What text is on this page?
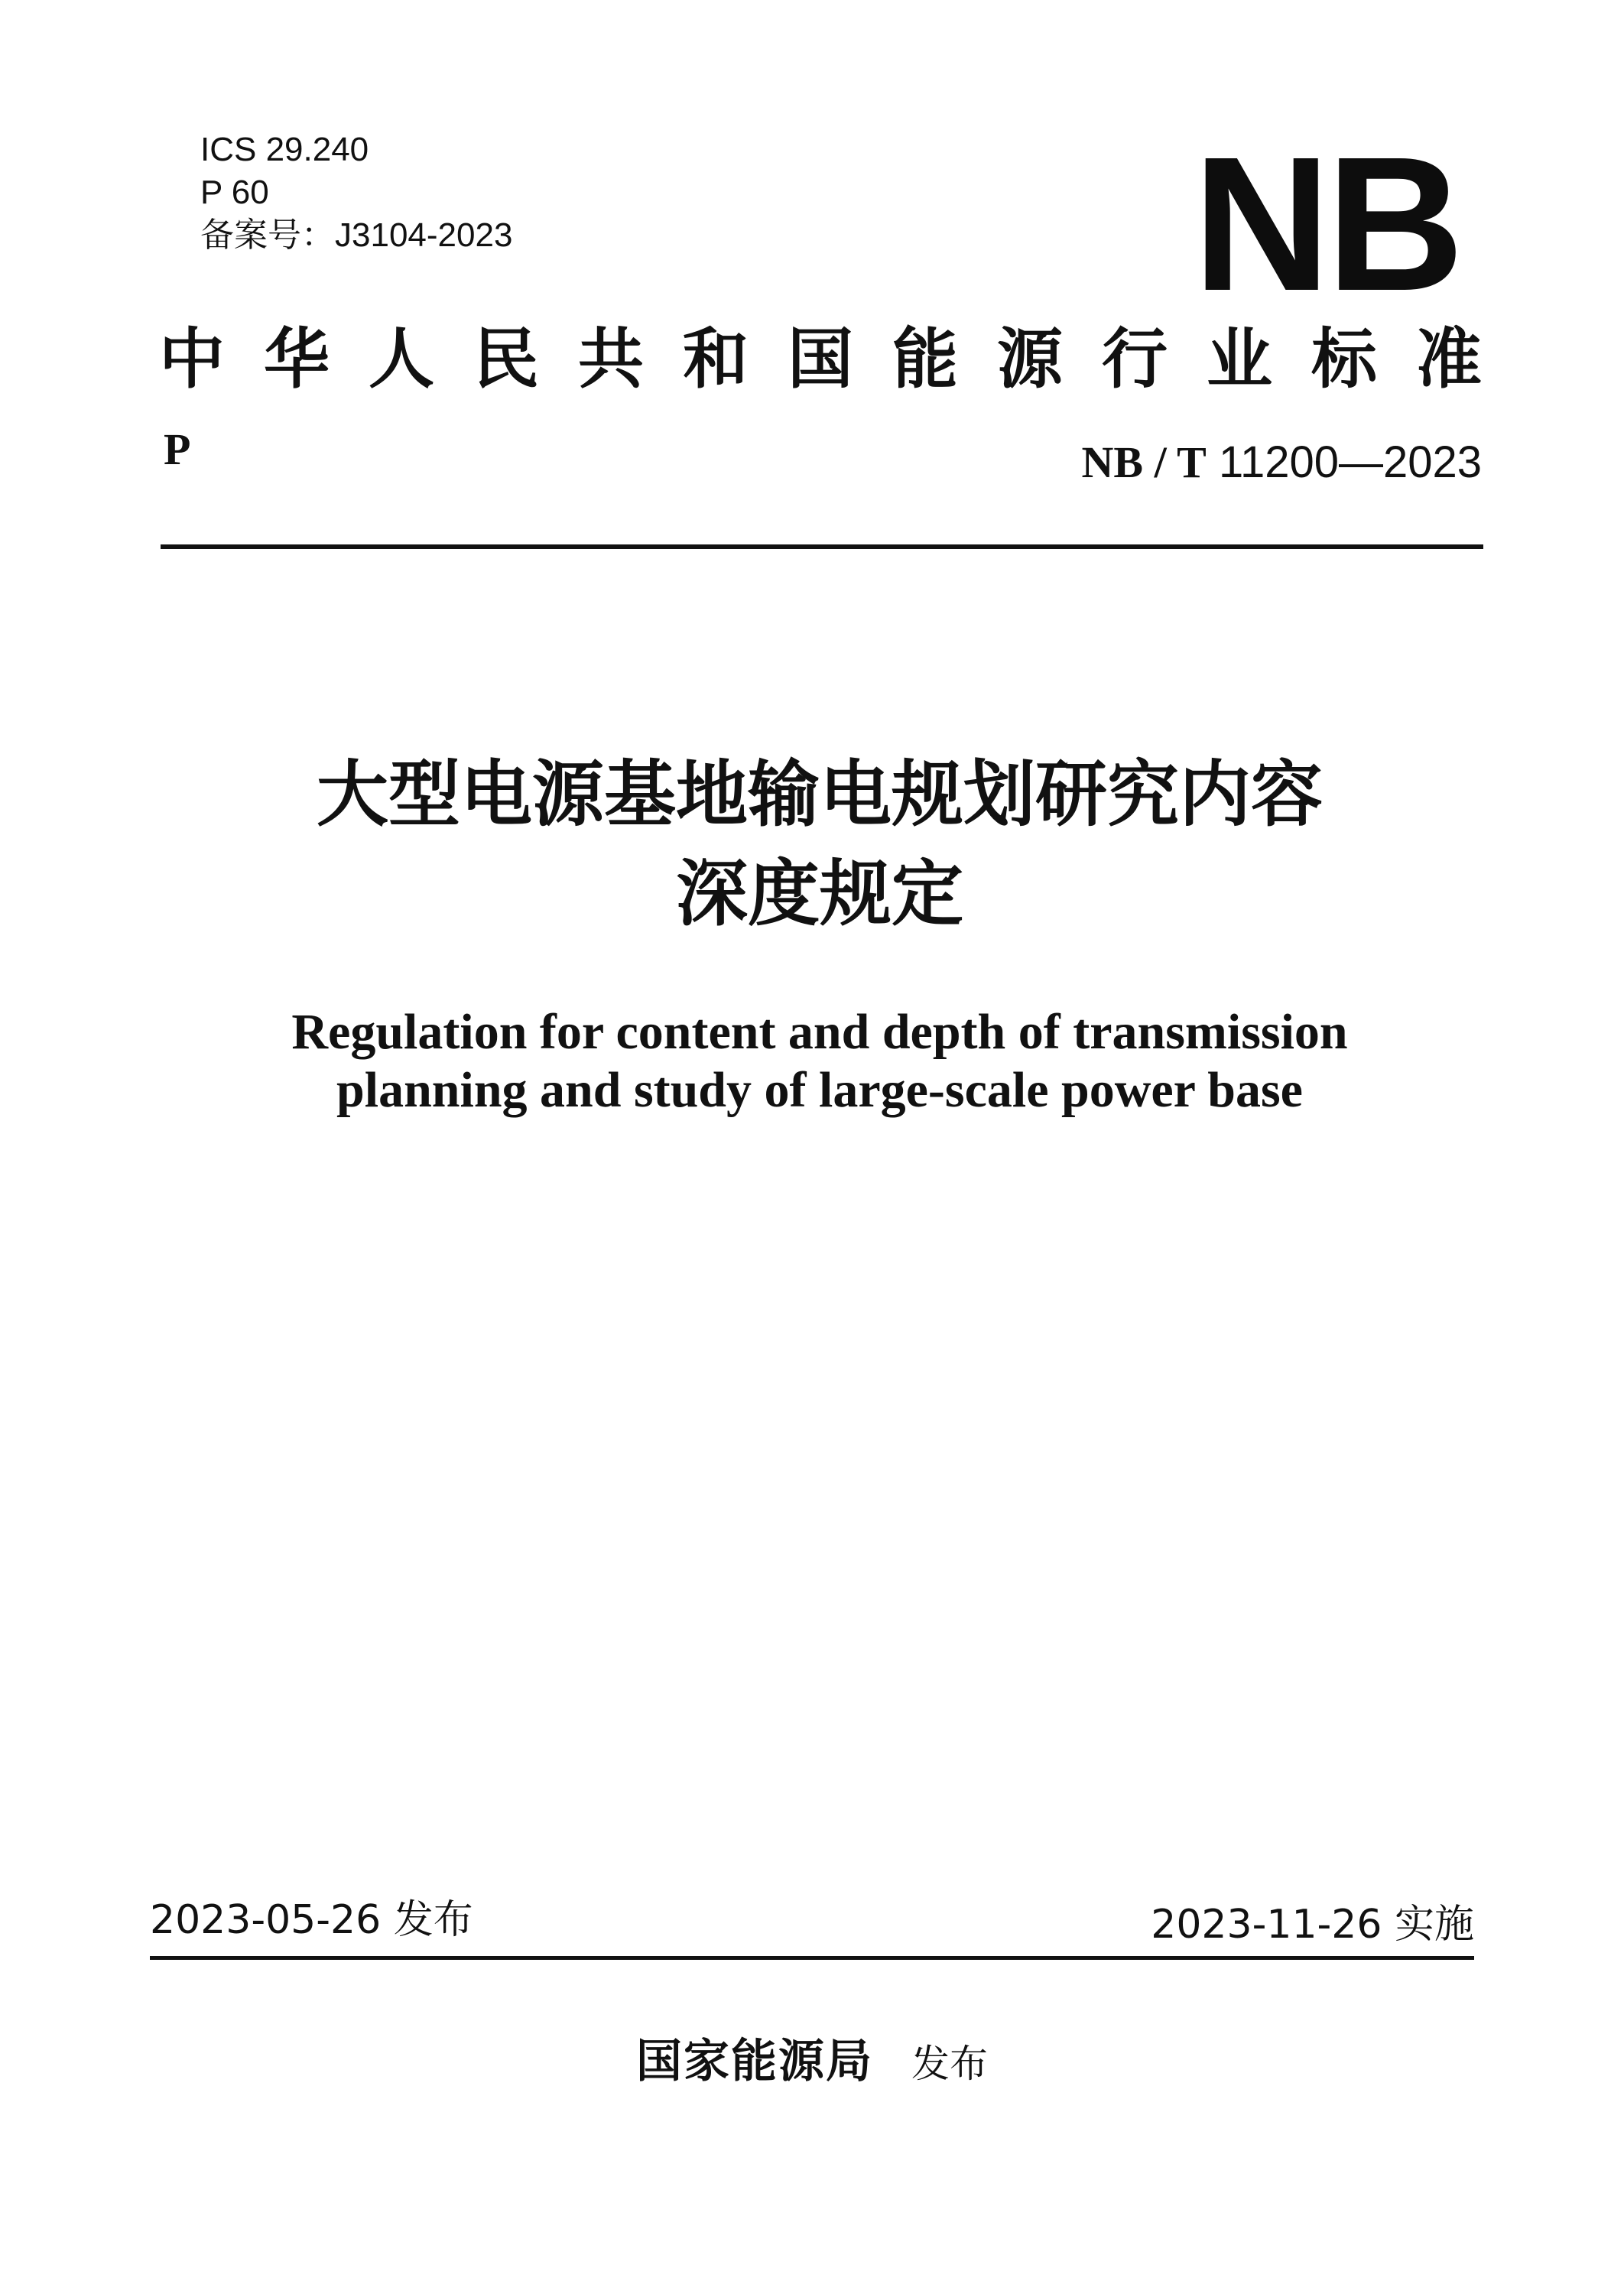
ICS 29.240
P 60
备案号：J3104-2023	NB
中华人民共和国能源行业标准
P	NB / T 11200—2023
大型电源基地输电规划研究内容
深度规定
Regulation for content and depth of transmission
planning and study of large-scale power base
2023-05-26 发布	2023-11-26 实施
国家能源局 发布
